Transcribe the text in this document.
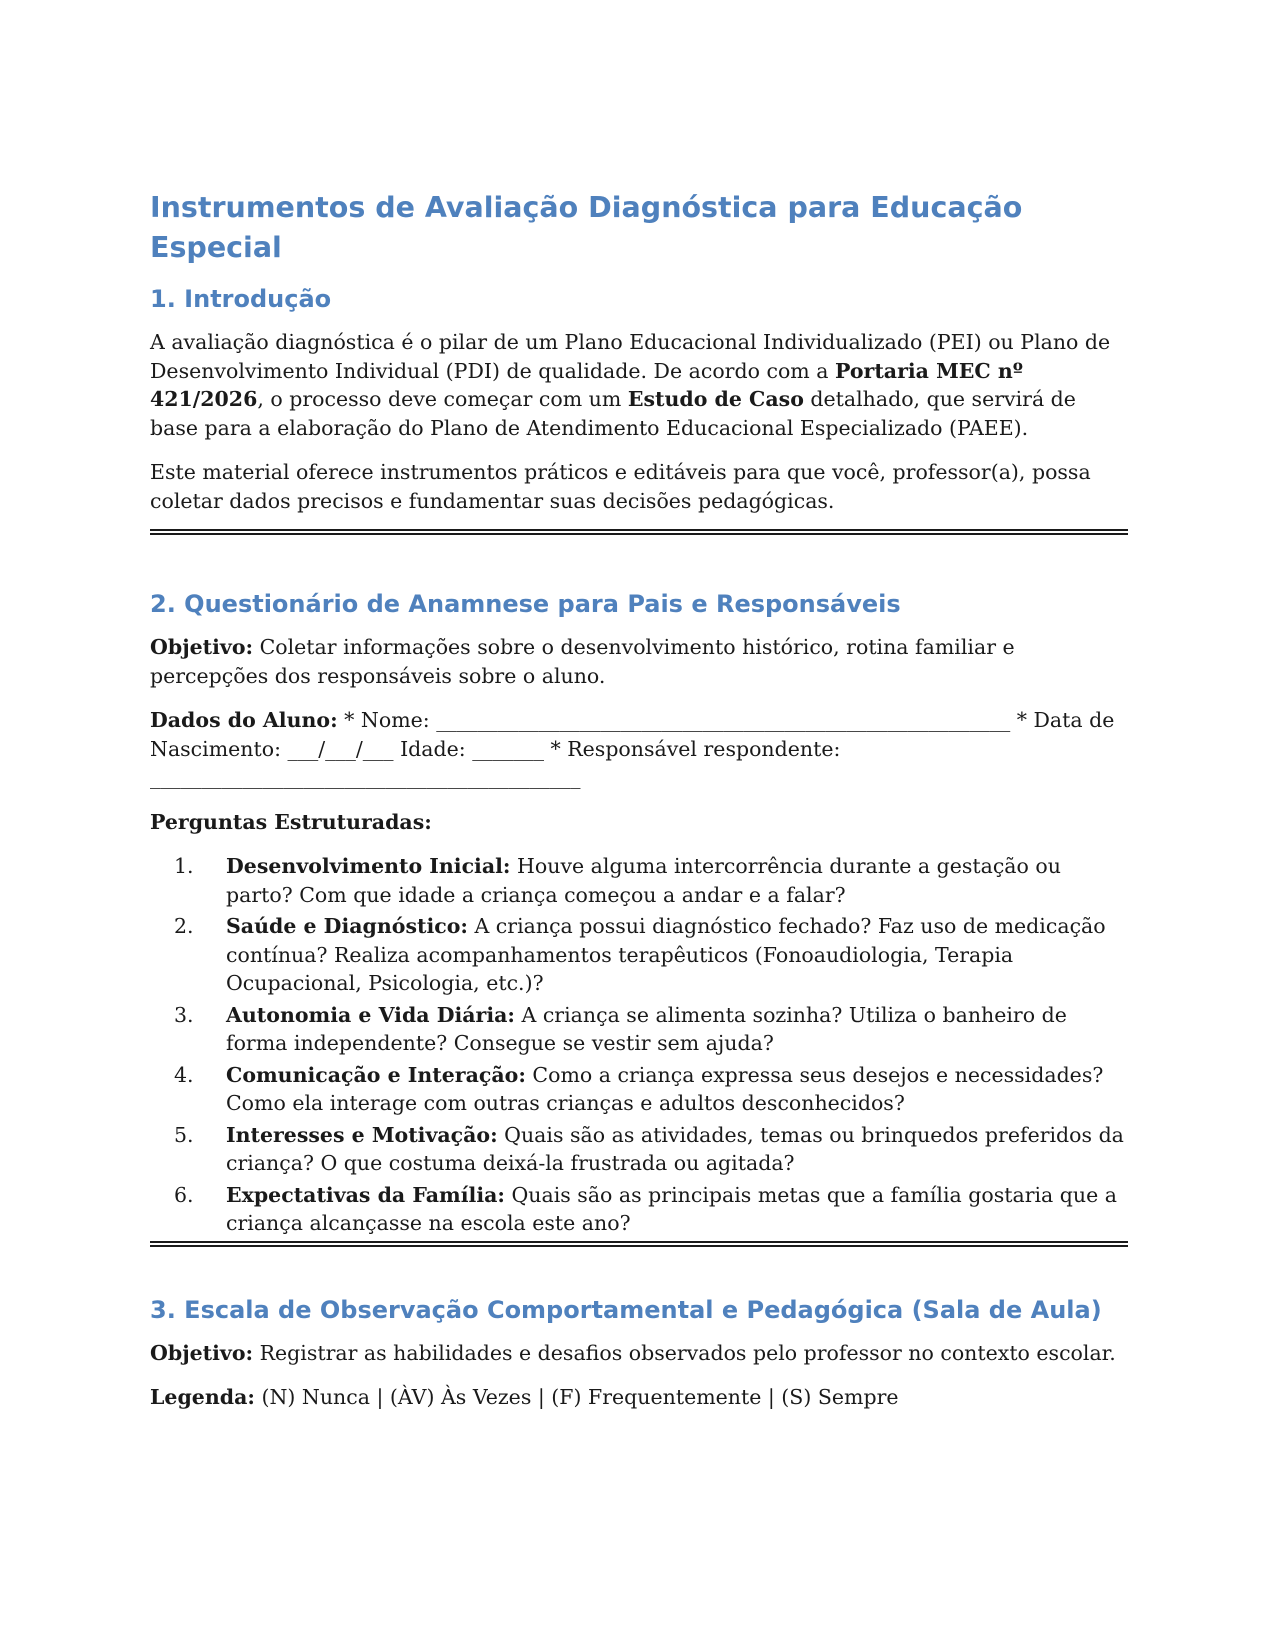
Instrumentos de Avaliação Diagnóstica para Educação Especial
1. Introdução

A avaliação diagnóstica é o pilar de um Plano Educacional Individualizado (PEI) ou Plano de Desenvolvimento Individual (PDI) de qualidade. De acordo com a Portaria MEC nº 421/2026, o processo deve começar com um Estudo de Caso detalhado, que servirá de base para a elaboração do Plano de Atendimento Educacional Especializado (PAEE).

Este material oferece instrumentos práticos e editáveis para que você, professor(a), possa coletar dados precisos e fundamentar suas decisões pedagógicas.

2. Questionário de Anamnese para Pais e Responsáveis

Objetivo: Coletar informações sobre o desenvolvimento histórico, rotina familiar e percepções dos responsáveis sobre o aluno.

Dados do Aluno: * Nome: ________________________________________________________ * Data de Nascimento: ___/___/___ Idade: _______ * Responsável respondente: __________________________________________

Perguntas Estruturadas:

1. Desenvolvimento Inicial: Houve alguma intercorrência durante a gestação ou parto? Com que idade a criança começou a andar e a falar?
2. Saúde e Diagnóstico: A criança possui diagnóstico fechado? Faz uso de medicação contínua? Realiza acompanhamentos terapêuticos (Fonoaudiologia, Terapia Ocupacional, Psicologia, etc.)?
3. Autonomia e Vida Diária: A criança se alimenta sozinha? Utiliza o banheiro de forma independente? Consegue se vestir sem ajuda?
4. Comunicação e Interação: Como a criança expressa seus desejos e necessidades? Como ela interage com outras crianças e adultos desconhecidos?
5. Interesses e Motivação: Quais são as atividades, temas ou brinquedos preferidos da criança? O que costuma deixá-la frustrada ou agitada?
6. Expectativas da Família: Quais são as principais metas que a família gostaria que a criança alcançasse na escola este ano?
3. Escala de Observação Comportamental e Pedagógica (Sala de Aula)

Objetivo: Registrar as habilidades e desafios observados pelo professor no contexto escolar.

Legenda: (N) Nunca | (ÀV) Às Vezes | (F) Frequentemente | (S) Sempre
